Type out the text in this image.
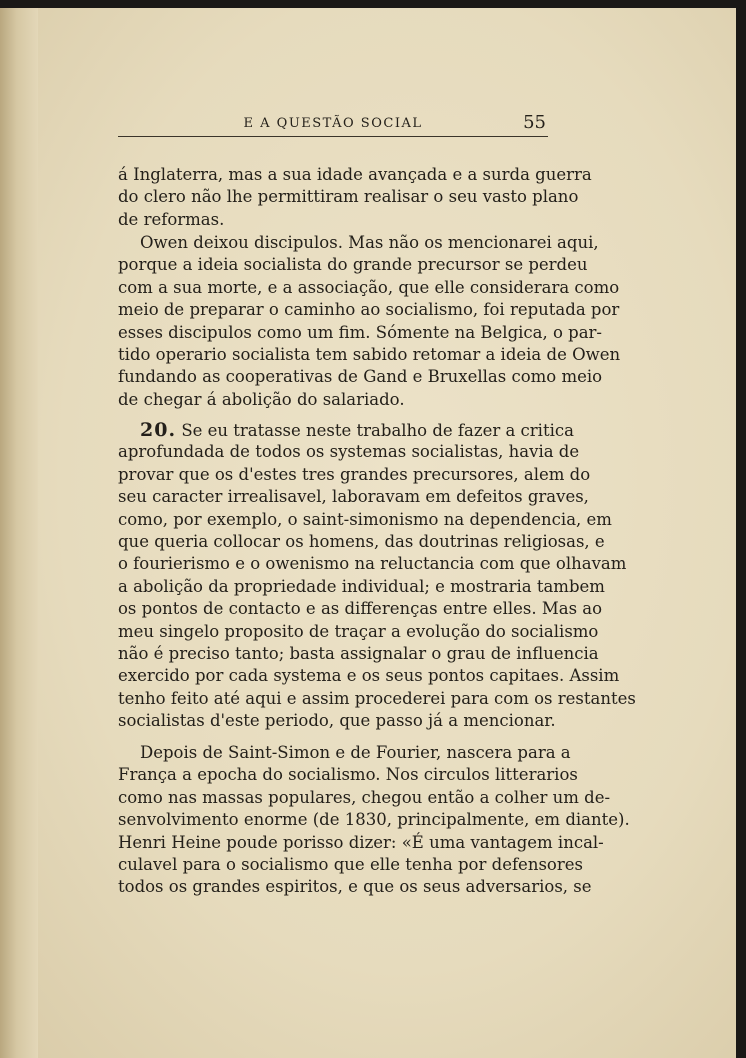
E A QUESTÃO SOCIAL	55
á Inglaterra, mas a sua idade avançada e a surda guerra
do clero não lhe permittiram realisar o seu vasto plano
de reformas.
Owen deixou discipulos. Mas não os mencionarei aqui,
porque a ideia socialista do grande precursor se perdeu
com a sua morte, e a associação, que elle considerara como
meio de preparar o caminho ao socialismo, foi reputada por
esses discipulos como um fim. Sómente na Belgica, o par-
tido operario socialista tem sabido retomar a ideia de Owen
fundando as cooperativas de Gand e Bruxellas como meio
de chegar á abolição do salariado.
20. Se eu tratasse neste trabalho de fazer a critica
aprofundada de todos os systemas socialistas, havia de
provar que os d'estes tres grandes precursores, alem do
seu caracter irrealisavel, laboravam em defeitos graves,
como, por exemplo, o saint-simonismo na dependencia, em
que queria collocar os homens, das doutrinas religiosas, e
o fourierismo e o owenismo na reluctancia com que olhavam
a abolição da propriedade individual; e mostraria tambem
os pontos de contacto e as differenças entre elles. Mas ao
meu singelo proposito de traçar a evolução do socialismo
não é preciso tanto; basta assignalar o grau de influencia
exercido por cada systema e os seus pontos capitaes. Assim
tenho feito até aqui e assim procederei para com os restantes
socialistas d'este periodo, que passo já a mencionar.
Depois de Saint-Simon e de Fourier, nascera para a
França a epocha do socialismo. Nos circulos litterarios
como nas massas populares, chegou então a colher um de-
senvolvimento enorme (de 1830, principalmente, em diante).
Henri Heine poude porisso dizer: «É uma vantagem incal-
culavel para o socialismo que elle tenha por defensores
todos os grandes espiritos, e que os seus adversarios, se
